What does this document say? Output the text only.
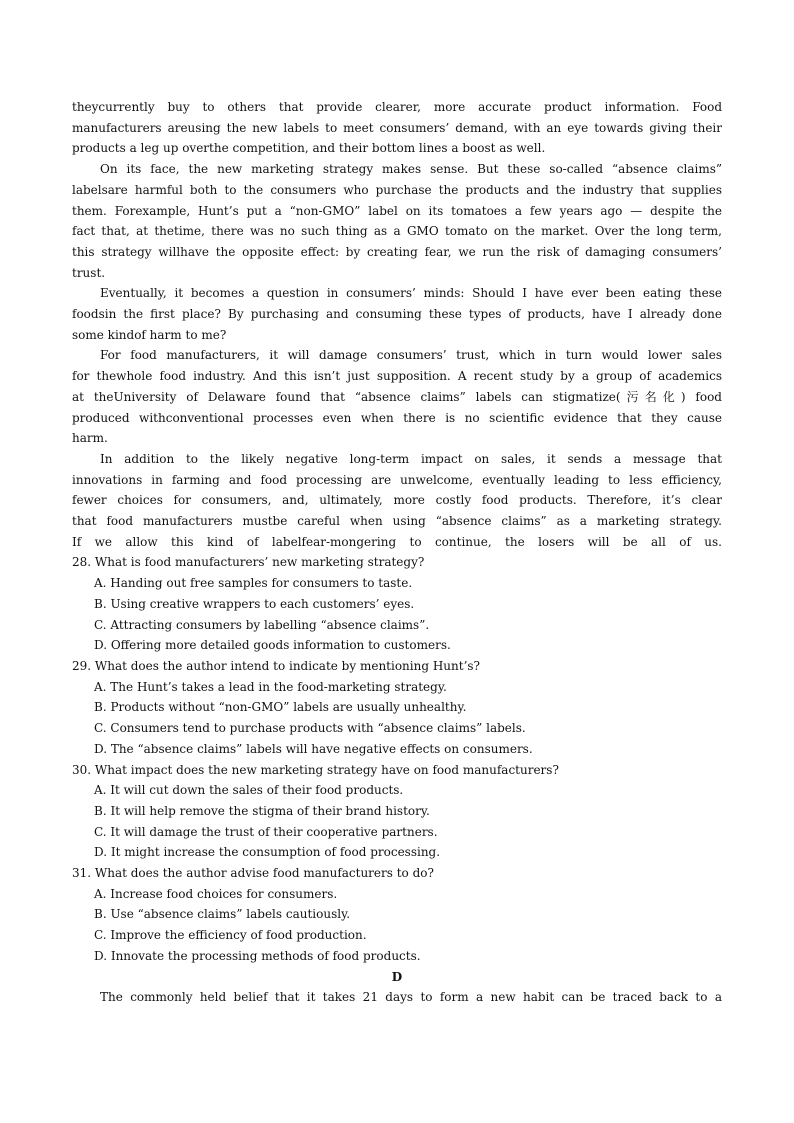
theycurrently buy to others that provide clearer, more accurate product information. Food
manufacturers areusing the new labels to meet consumers’ demand, with an eye towards giving their
products a leg up overthe competition, and their bottom lines a boost as well.

On its face, the new marketing strategy makes sense. But these so-called “absence claims”
labelsare harmful both to the consumers who purchase the products and the industry that supplies
them. Forexample, Hunt’s put a “non-GMO” label on its tomatoes a few years ago — despite the
fact that, at thetime, there was no such thing as a GMO tomato on the market. Over the long term,
this strategy willhave the opposite effect: by creating fear, we run the risk of damaging consumers’
trust.

Eventually, it becomes a question in consumers’ minds: Should I have ever been eating these
foodsin the first place? By purchasing and consuming these types of products, have I already done
some kindof harm to me?

For food manufacturers, it will damage consumers’ trust, which in turn would lower sales
for thewhole food industry. And this isn’t just supposition. A recent study by a group of academics
at theUniversity of Delaware found that “absence claims” labels can stigmatize(污名化) food
produced withconventional processes even when there is no scientific evidence that they cause
harm.

In addition to the likely negative long-term impact on sales, it sends a message that
innovations in farming and food processing are unwelcome, eventually leading to less efficiency,
fewer choices for consumers, and, ultimately, more costly food products. Therefore, it’s clear
that food manufacturers mustbe careful when using “absence claims” as a marketing strategy.
If we allow this kind of labelfear-mongering to continue, the losers will be all of us.

28. What is food manufacturers’ new marketing strategy?
A. Handing out free samples for consumers to taste.
B. Using creative wrappers to each customers’ eyes.
C. Attracting consumers by labelling “absence claims”.
D. Offering more detailed goods information to customers.
29. What does the author intend to indicate by mentioning Hunt’s?
A. The Hunt’s takes a lead in the food-marketing strategy.
B. Products without “non-GMO” labels are usually unhealthy.
C. Consumers tend to purchase products with “absence claims” labels.
D. The “absence claims” labels will have negative effects on consumers.
30. What impact does the new marketing strategy have on food manufacturers?
A. It will cut down the sales of their food products.
B. It will help remove the stigma of their brand history.
C. It will damage the trust of their cooperative partners.
D. It might increase the consumption of food processing.
31. What does the author advise food manufacturers to do?
A. Increase food choices for consumers.
B. Use “absence claims” labels cautiously.
C. Improve the efficiency of food production.
D. Innovate the processing methods of food products.

D

The commonly held belief that it takes 21 days to form a new habit can be traced back to a
